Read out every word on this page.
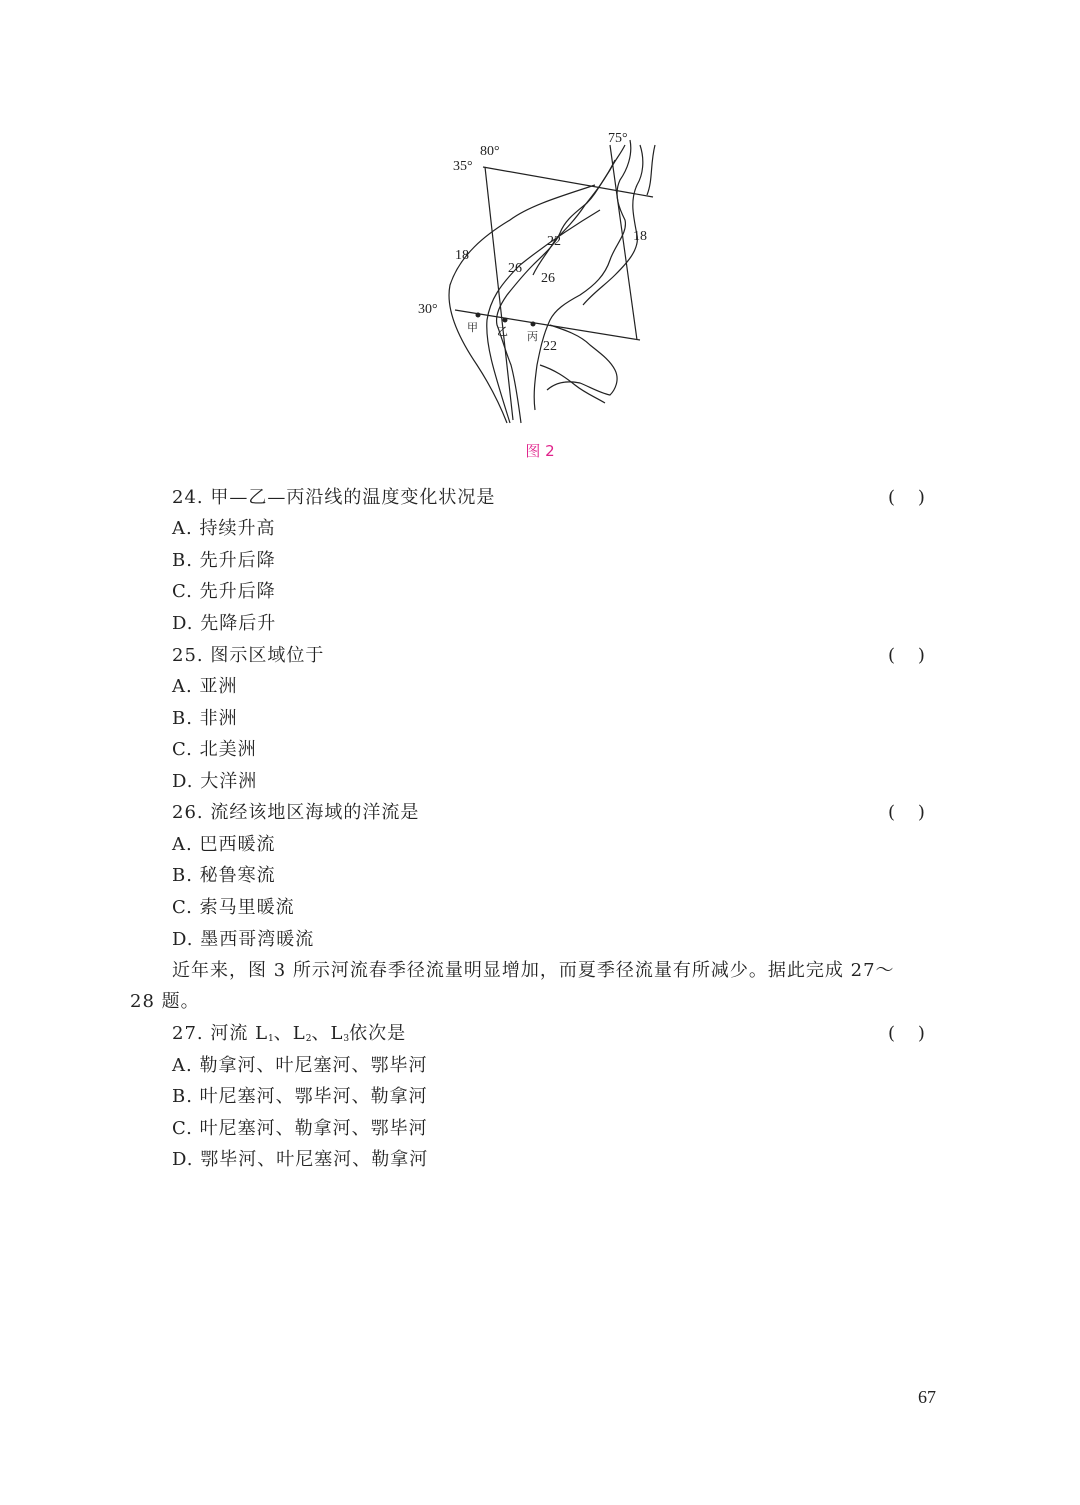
35°
80°
75°
30°
18
18
22
22
26
26
甲 乙 丙
图 2
24. 甲—乙—丙沿线的温度变化状况是	(    )
A. 持续升高
B. 先升后降
C. 先升后降
D. 先降后升
25. 图示区域位于	(    )
A. 亚洲
B. 非洲
C. 北美洲
D. 大洋洲
26. 流经该地区海域的洋流是	(    )
A. 巴西暖流
B. 秘鲁寒流
C. 索马里暖流
D. 墨西哥湾暖流
近年来，图 3 所示河流春季径流量明显增加，而夏季径流量有所减少。据此完成 27～
28 题。
27. 河流 $L_1$、$L_2$、$L_3$依次是	(    )
A. 勒拿河、叶尼塞河、鄂毕河
B. 叶尼塞河、鄂毕河、勒拿河
C. 叶尼塞河、勒拿河、鄂毕河
D. 鄂毕河、叶尼塞河、勒拿河
67
